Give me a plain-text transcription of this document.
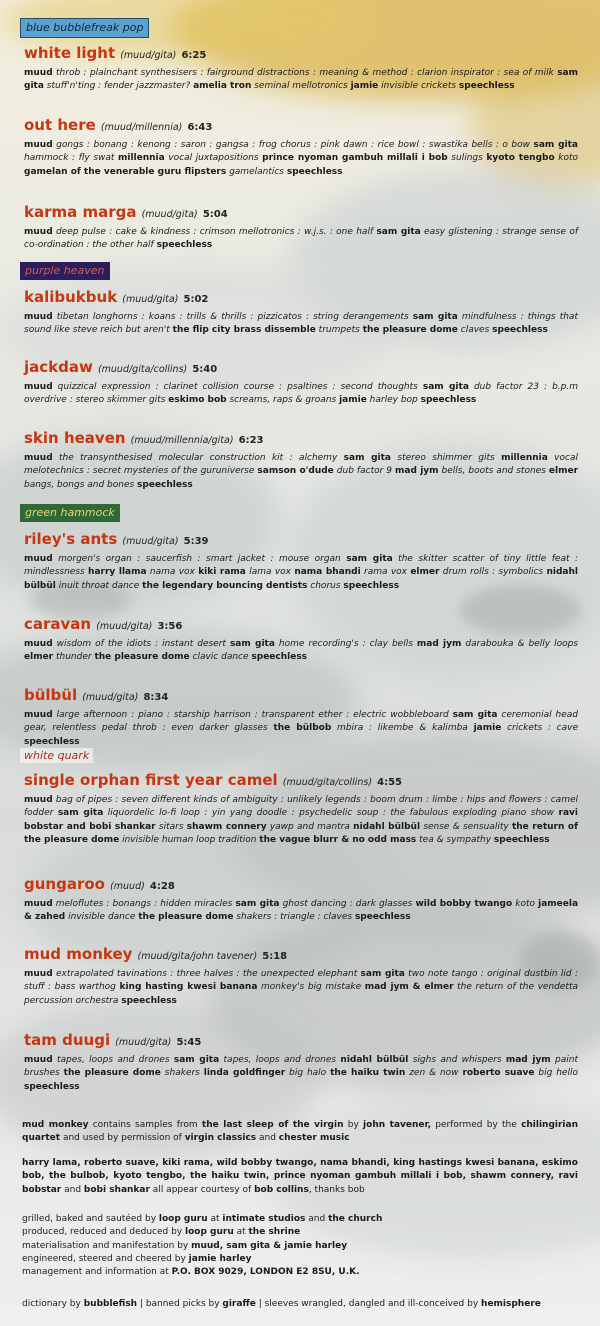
blue bubblefreak pop
purple heaven
green hammock
white quark
white light (muud/gita) 6:25
muud throb : plainchant synthesisers : fairground distractions : meaning & method : clarion inspirator : sea of milk sam gita stuff'n'ting : fender jazzmaster? amelia tron seminal mellotronics jamie invisible crickets speechless
out here (muud/millennia) 6:43
muud gongs : bonang : kenong : saron : gangsa : frog chorus : pink dawn : rice bowl : swastika bells : o bow sam gita hammock : fly swat millennia vocal juxtapositions prince nyoman gambuh millali i bob sulings kyoto tengbo koto gamelan of the venerable guru flipsters gamelantics speechless
karma marga (muud/gita) 5:04
muud deep pulse : cake & kindness : crimson mellotronics : w.j.s. : one half sam gita easy glistening : strange sense of co-ordination : the other half speechless
kalibukbuk (muud/gita) 5:02
muud tibetan longhorns : koans : trills & thrills : pizzicatos : string derangements sam gita mindfulness : things that sound like steve reich but aren't the flip city brass dissemble trumpets the pleasure dome claves speechless
jackdaw (muud/gita/collins) 5:40
muud quizzical expression : clarinet collision course : psaltines : second thoughts sam gita dub factor 23 : b.p.m overdrive : stereo skimmer gits eskimo bob screams, raps & groans jamie harley bop speechless
skin heaven (muud/millennia/gita) 6:23
muud the transynthesised molecular construction kit : alchemy sam gita stereo shimmer gits millennia vocal melotechnics : secret mysteries of the guruniverse samson o'dude dub factor 9 mad jym bells, boots and stones elmer bangs, bongs and bones speechless
riley's ants (muud/gita) 5:39
muud morgen's organ : saucerfish : smart jacket : mouse organ sam gita the skitter scatter of tiny little feat : mindlessness harry llama nama vox kiki rama lama vox nama bhandi rama vox elmer drum rolls : symbolics nidahl bülbül inuit throat dance the legendary bouncing dentists chorus speechless
caravan (muud/gita) 3:56
muud wisdom of the idiots : instant desert sam gita home recording's : clay bells mad jym darabouka & belly loops elmer thunder the pleasure dome clavic dance speechless
bülbül (muud/gita) 8:34
muud large afternoon : piano : starship harrison : transparent ether : electric wobbleboard sam gita ceremonial head gear, relentless pedal throb : even darker glasses the bülbob mbira : likembe & kalimba jamie crickets : cave speechless
single orphan first year camel (muud/gita/collins) 4:55
muud bag of pipes : seven different kinds of ambiguity : unlikely legends : boom drum : limbe : hips and flowers : camel fodder sam gita liquordelic lo-fi loop : yin yang doodle : psychedelic soup : the fabulous exploding piano show ravi bobstar and bobi shankar sitars shawm connery yawp and mantra nidahl bülbül sense & sensuality the return of the pleasure dome invisible human loop tradition the vague blurr & no odd mass tea & sympathy speechless
gungaroo (muud) 4:28
muud meloflutes : bonangs : hidden miracles sam gita ghost dancing : dark glasses wild bobby twango koto jameela & zahed invisible dance the pleasure dome shakers : triangle : claves speechless
mud monkey (muud/gita/john tavener) 5:18
muud extrapolated tavinations : three halves : the unexpected elephant sam gita two note tango : original dustbin lid : stuff : bass warthog king hasting kwesi banana monkey's big mistake mad jym & elmer the return of the vendetta percussion orchestra speechless
tam duugi (muud/gita) 5:45
muud tapes, loops and drones sam gita tapes, loops and drones nidahl bülbül sighs and whispers mad jym paint brushes the pleasure dome shakers linda goldfinger big halo the haiku twin zen & now roberto suave big hello speechless
mud monkey contains samples from the last sleep of the virgin by john tavener, performed by the chilingirian quartet and used by permission of virgin classics and chester music
harry lama, roberto suave, kiki rama, wild bobby twango, nama bhandi, king hastings kwesi banana, eskimo bob, the bulbob, kyoto tengbo, the haiku twin, prince nyoman gambuh millali i bob, shawm connery, ravi bobstar and bobi shankar all appear courtesy of bob collins, thanks bob
grilled, baked and sautéed by loop guru at intimate studios and the church
produced, reduced and deduced by loop guru at the shrine
materialisation and manifestation by muud, sam gita & jamie harley
engineered, steered and cheered by jamie harley
management and information at P.O. BOX 9029, LONDON E2 8SU, U.K.
dictionary by bubblefish | banned picks by giraffe | sleeves wrangled, dangled and ill-conceived by hemisphere
